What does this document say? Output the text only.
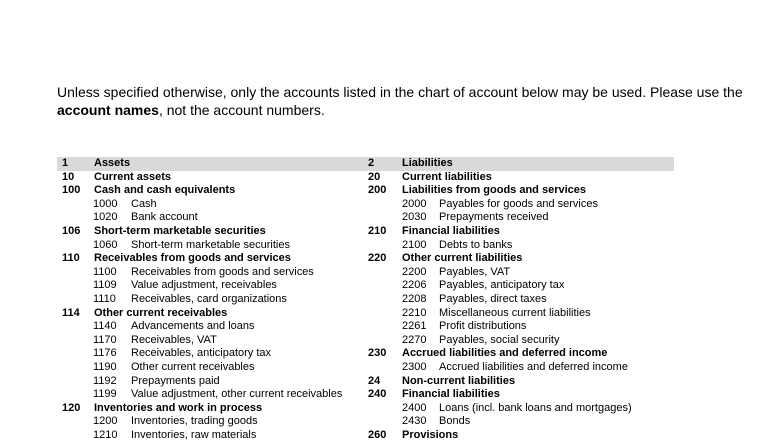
Unless specified otherwise, only the accounts listed in the chart of account below may be used. Please use the account names, not the account numbers.
1 Assets
10 Current assets
100 Cash and cash equivalents
1000 Cash
1020 Bank account
106 Short-term marketable securities
1060 Short-term marketable securities
110 Receivables from goods and services
1100 Receivables from goods and services
1109 Value adjustment, receivables
1110 Receivables, card organizations
114 Other current receivables
1140 Advancements and loans
1170 Receivables, VAT
1176 Receivables, anticipatory tax
1190 Other current receivables
1192 Prepayments paid
1199 Value adjustment, other current receivables
120 Inventories and work in process
1200 Inventories, trading goods
1210 Inventories, raw materials
2	Liabilities
20 Current liabilities
200 Liabilities from goods and services
2000 Payables for goods and services
2030 Prepayments received
210 Financial liabilities
2100 Debts to banks
220 Other current liabilities
2200 Payables, VAT
2206 Payables, anticipatory tax
2208 Payables, direct taxes
2210 Miscellaneous current liabilities
2261 Profit distributions
2270 Payables, social security
230 Accrued liabilities and deferred income
2300 Accrued liabilities and deferred income
24 Non-current liabilities
240 Financial liabilities
2400 Loans (incl. bank loans and mortgages)
2430 Bonds
260 Provisions
